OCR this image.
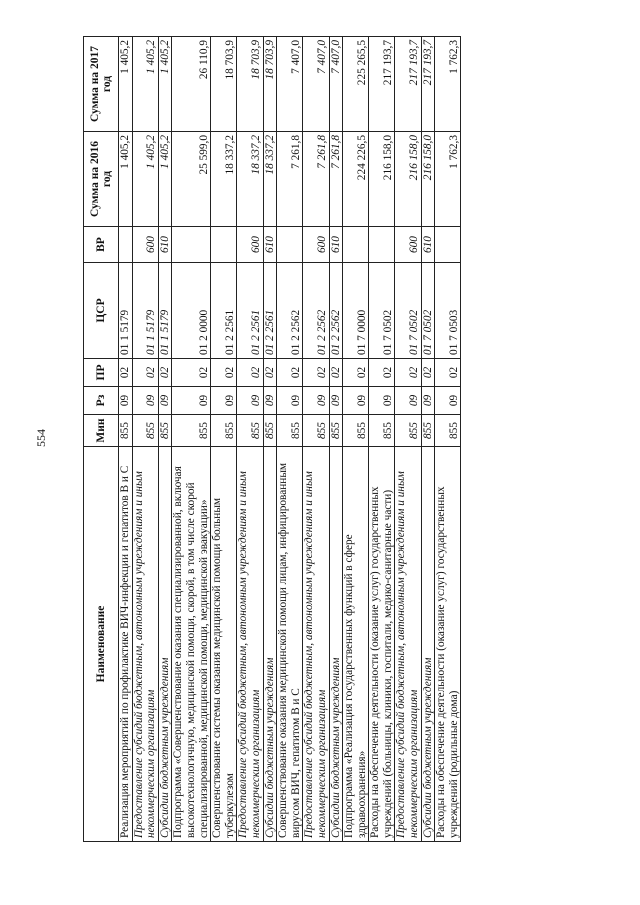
554
Наименование	Мин	Рз	ПР	ЦСР	ВР	Сумма на 2016 год	Сумма на 2017 год
Реализация мероприятий по профилактике ВИЧ-инфекции и гепатитов В и С	855	09	02	01 1 5179		1 405,2	1 405,2
Предоставление субсидий бюджетным, автономным учреждениям и иным некоммерческим организациям	855	09	02	01 1 5179	600	1 405,2	1 405,2
Субсидии бюджетным учреждениям	855	09	02	01 1 5179	610	1 405,2	1 405,2
Подпрограмма «Совершенствование оказания специализированной, включая высокотехнологичную, медицинской помощи, скорой, в том числе скорой специализированной, медицинской помощи, медицинской эвакуации»	855	09	02	01 2 0000		25 599,0	26 110,9
Совершенствование системы оказания медицинской помощи больным туберкулезом	855	09	02	01 2 2561		18 337,2	18 703,9
Предоставление субсидий бюджетным, автономным учреждениям и иным некоммерческим организациям	855	09	02	01 2 2561	600	18 337,2	18 703,9
Субсидии бюджетным учреждениям	855	09	02	01 2 2561	610	18 337,2	18 703,9
Совершенствование оказания медицинской помощи лицам, инфицированным вирусом ВИЧ, гепатитом В и С	855	09	02	01 2 2562		7 261,8	7 407,0
Предоставление субсидий бюджетным, автономным учреждениям и иным некоммерческим организациям	855	09	02	01 2 2562	600	7 261,8	7 407,0
Субсидии бюджетным учреждениям	855	09	02	01 2 2562	610	7 261,8	7 407,0
Подпрограмма «Реализация государственных функций в сфере здравоохранения»	855	09	02	01 7 0000		224 226,5	225 265,5
Расходы на обеспечение деятельности (оказание услуг) государственных учреждений (больницы, клиники, госпитали, медико-санитарные части)	855	09	02	01 7 0502		216 158,0	217 193,7
Предоставление субсидий бюджетным, автономным учреждениям и иным некоммерческим организациям	855	09	02	01 7 0502	600	216 158,0	217 193,7
Субсидии бюджетным учреждениям	855	09	02	01 7 0502	610	216 158,0	217 193,7
Расходы на обеспечение деятельности (оказание услуг) государственных учреждений (родильные дома)	855	09	02	01 7 0503		1 762,3	1 762,3
